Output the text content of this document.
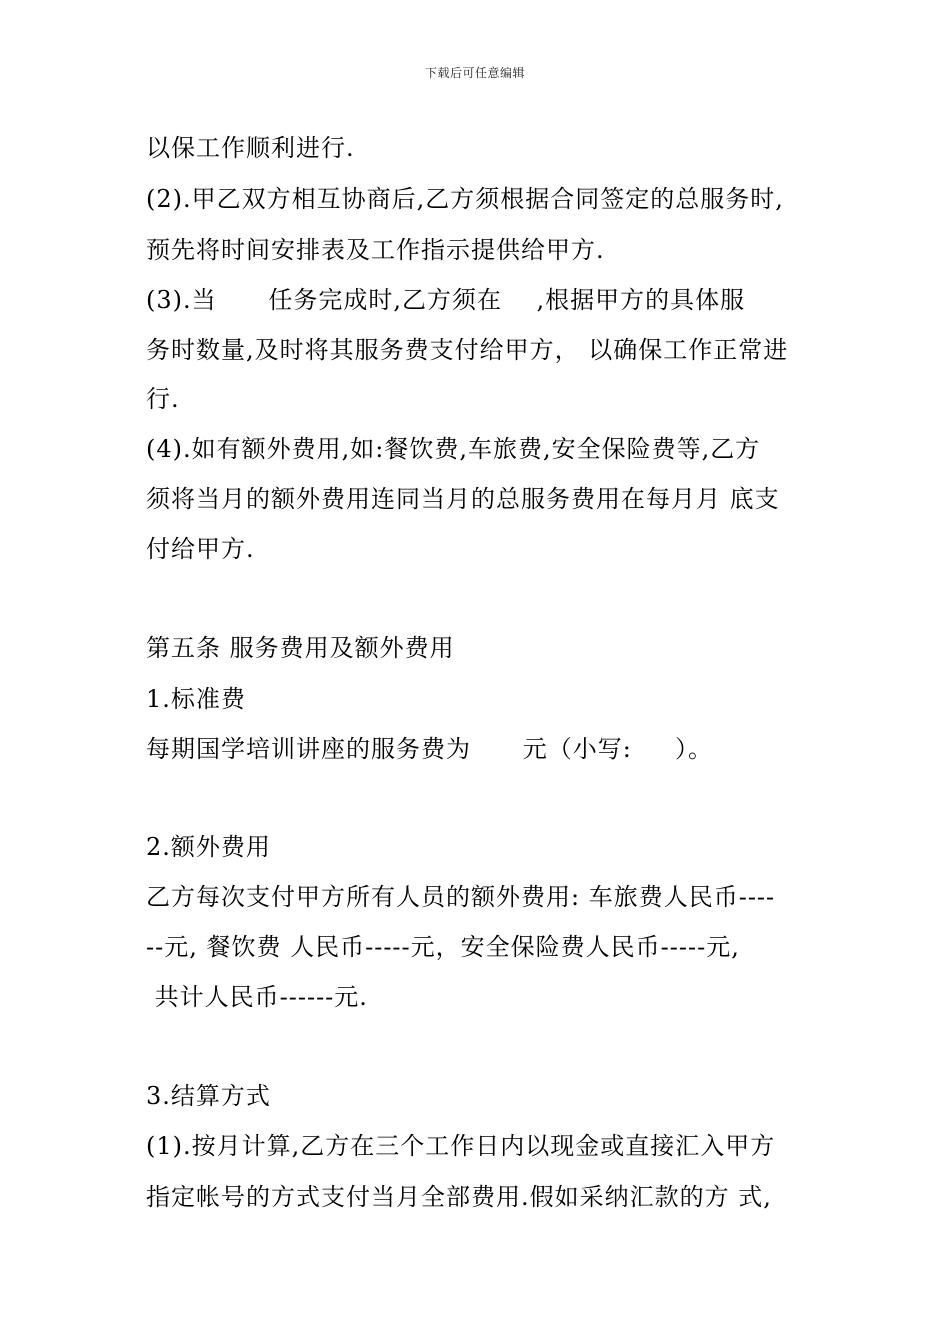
下载后可任意编辑
以保工作顺利进行.
(2).甲乙双方相互协商后,乙方须根据合同签定的总服务时,
预先将时间安排表及工作指示提供给甲方.
(3).当      任务完成时,乙方须在    ,根据甲方的具体服
务时数量,及时将其服务费支付给甲方， 以确保工作正常进
行.
(4).如有额外费用,如:餐饮费,车旅费,安全保险费等,乙方
须将当月的额外费用连同当月的总服务费用在每月月 底支
付给甲方.
第五条 服务费用及额外费用
1.标准费
每期国学培训讲座的服务费为      元（小写:     ）。
2.额外费用
乙方每次支付甲方所有人员的额外费用: 车旅费人民币----
--元, 餐饮费 人民币-----元，安全保险费人民币-----元,
共计人民币------元.
3.结算方式
(1).按月计算,乙方在三个工作日内以现金或直接汇入甲方
指定帐号的方式支付当月全部费用.假如采纳汇款的方 式,
